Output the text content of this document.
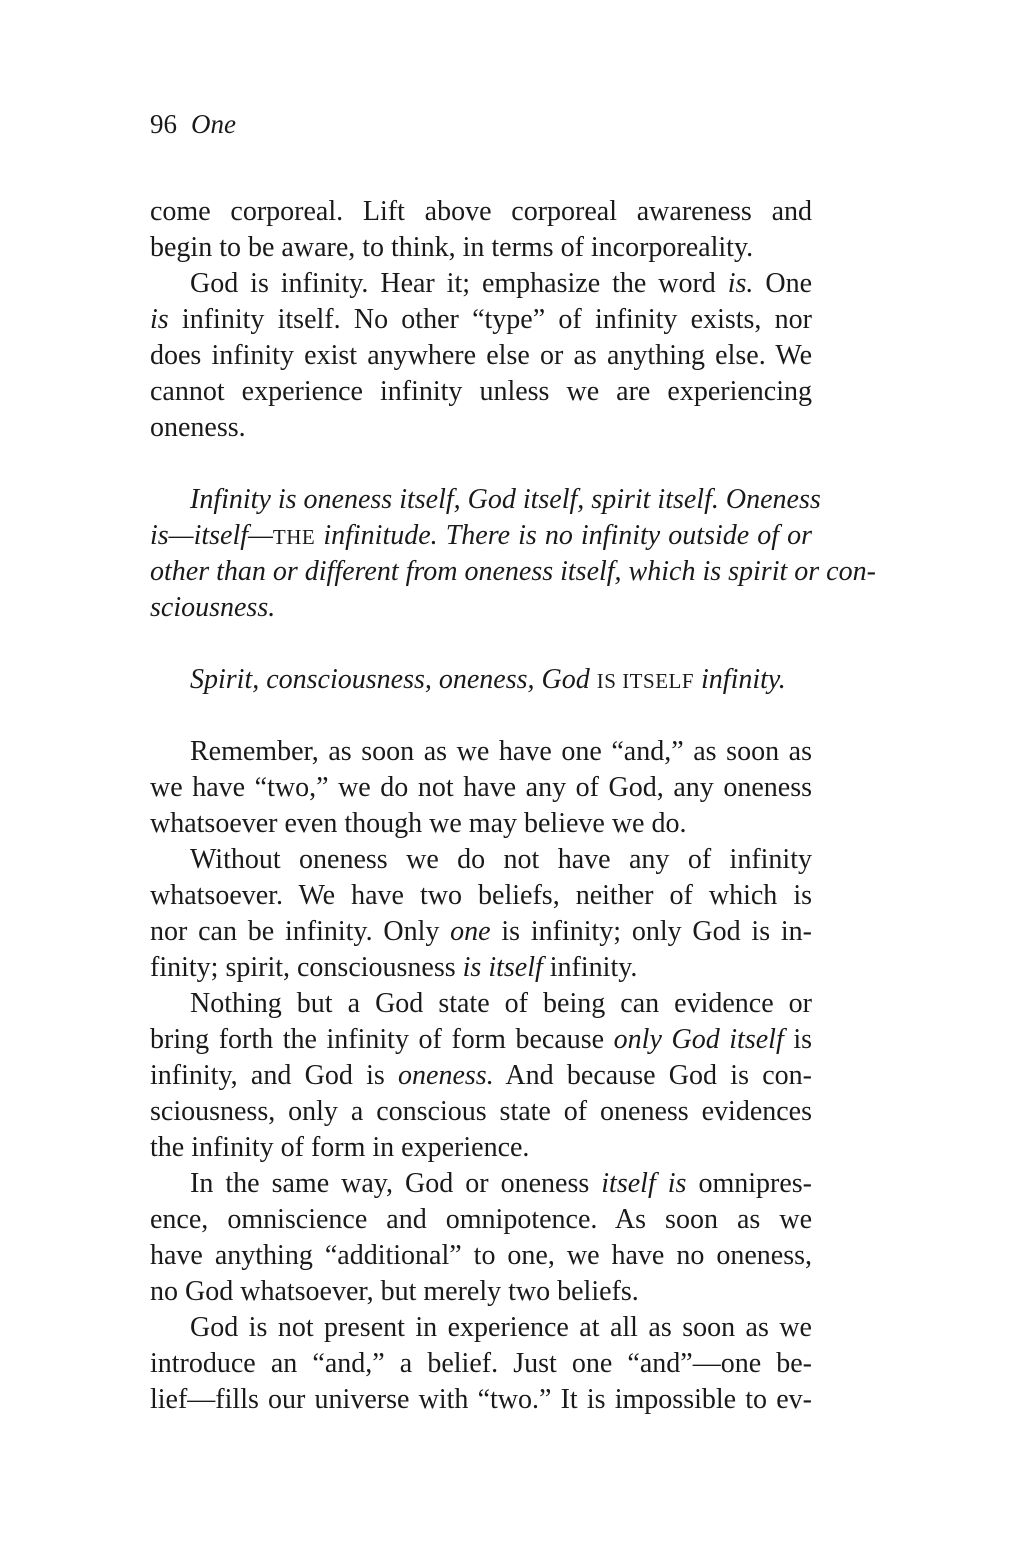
96 One
come corporeal. Lift above corporeal awareness and
begin to be aware, to think, in terms of incorporeality.
God is infinity. Hear it; emphasize the word is. One
is infinity itself. No other “type” of infinity exists, nor
does infinity exist anywhere else or as anything else. We
cannot experience infinity unless we are experiencing
oneness.
Infinity is oneness itself, God itself, spirit itself. Oneness
is—itself—THE infinitude. There is no infinity outside of or
other than or different from oneness itself, which is spirit or con-
sciousness.
Spirit, consciousness, oneness, God IS ITSELF infinity.
Remember, as soon as we have one “and,” as soon as
we have “two,” we do not have any of God, any oneness
whatsoever even though we may believe we do.
Without oneness we do not have any of infinity
whatsoever. We have two beliefs, neither of which is
nor can be infinity. Only one is infinity; only God is in-
finity; spirit, consciousness is itself infinity.
Nothing but a God state of being can evidence or
bring forth the infinity of form because only God itself is
infinity, and God is oneness. And because God is con-
sciousness, only a conscious state of oneness evidences
the infinity of form in experience.
In the same way, God or oneness itself is omnipres-
ence, omniscience and omnipotence. As soon as we
have anything “additional” to one, we have no oneness,
no God whatsoever, but merely two beliefs.
God is not present in experience at all as soon as we
introduce an “and,” a belief. Just one “and”—one be-
lief—fills our universe with “two.” It is impossible to ev-
